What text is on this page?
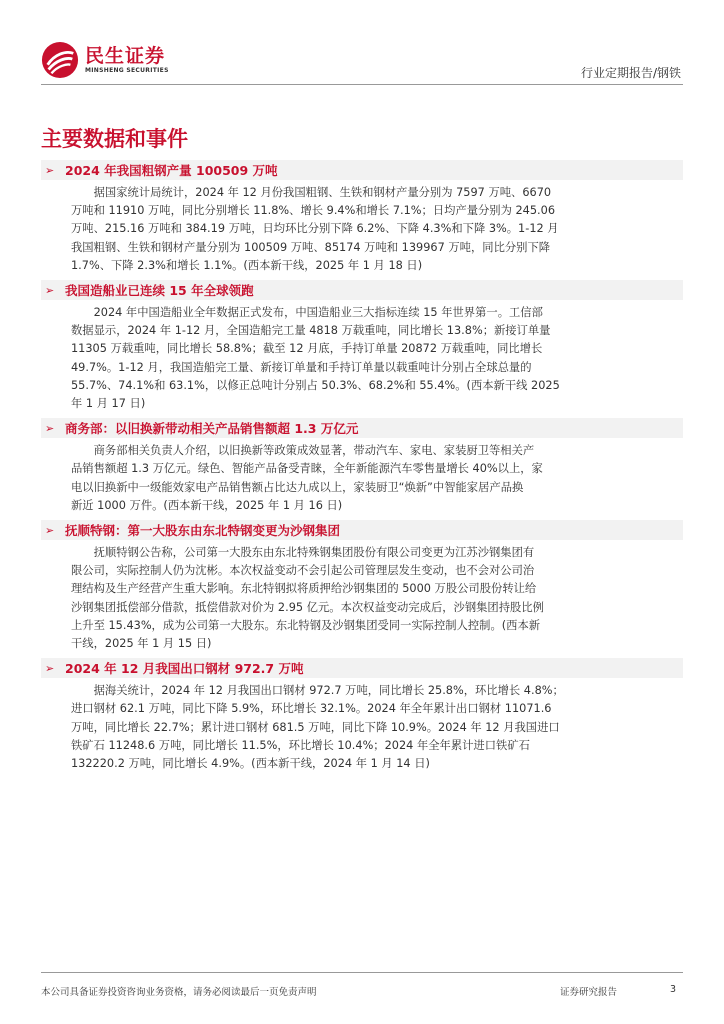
民生证券
MINSHENG SECURITIES	行业定期报告/钢铁
主要数据和事件
➢ 2024 年我国粗钢产量 100509 万吨

据国家统计局统计，2024 年 12 月份我国粗钢、生铁和钢材产量分别为 7597 万吨、6670
万吨和 11910 万吨，同比分别增长 11.8%、增长 9.4%和增长 7.1%；日均产量分别为 245.06
万吨、215.16 万吨和 384.19 万吨，日均环比分别下降 6.2%、下降 4.3%和下降 3%。1-12 月
我国粗钢、生铁和钢材产量分别为 100509 万吨、85174 万吨和 139967 万吨，同比分别下降
1.7%、下降 2.3%和增长 1.1%。(西本新干线，2025 年 1 月 18 日)

➢ 我国造船业已连续 15 年全球领跑

2024 年中国造船业全年数据正式发布，中国造船业三大指标连续 15 年世界第一。工信部
数据显示，2024 年 1-12 月，全国造船完工量 4818 万载重吨，同比增长 13.8%；新接订单量
11305 万载重吨，同比增长 58.8%；截至 12 月底，手持订单量 20872 万载重吨，同比增长
49.7%。1-12 月，我国造船完工量、新接订单量和手持订单量以载重吨计分别占全球总量的
55.7%、74.1%和 63.1%，以修正总吨计分别占 50.3%、68.2%和 55.4%。(西本新干线 2025
年 1 月 17 日)

➢ 商务部：以旧换新带动相关产品销售额超 1.3 万亿元

商务部相关负责人介绍，以旧换新等政策成效显著，带动汽车、家电、家装厨卫等相关产
品销售额超 1.3 万亿元。绿色、智能产品备受青睐，全年新能源汽车零售量增长 40%以上，家
电以旧换新中一级能效家电产品销售额占比达九成以上，家装厨卫“焕新”中智能家居产品换
新近 1000 万件。(西本新干线，2025 年 1 月 16 日)

➢ 抚顺特钢：第一大股东由东北特钢变更为沙钢集团

抚顺特钢公告称，公司第一大股东由东北特殊钢集团股份有限公司变更为江苏沙钢集团有
限公司，实际控制人仍为沈彬。本次权益变动不会引起公司管理层发生变动，也不会对公司治
理结构及生产经营产生重大影响。东北特钢拟将质押给沙钢集团的 5000 万股公司股份转让给
沙钢集团抵偿部分借款，抵偿借款对价为 2.95 亿元。本次权益变动完成后，沙钢集团持股比例
上升至 15.43%，成为公司第一大股东。东北特钢及沙钢集团受同一实际控制人控制。(西本新
干线，2025 年 1 月 15 日)

➢ 2024 年 12 月我国出口钢材 972.7 万吨

据海关统计，2024 年 12 月我国出口钢材 972.7 万吨，同比增长 25.8%，环比增长 4.8%；
进口钢材 62.1 万吨，同比下降 5.9%，环比增长 32.1%。2024 年全年累计出口钢材 11071.6
万吨，同比增长 22.7%；累计进口钢材 681.5 万吨，同比下降 10.9%。2024 年 12 月我国进口
铁矿石 11248.6 万吨，同比增长 11.5%，环比增长 10.4%；2024 年全年累计进口铁矿石
132220.2 万吨，同比增长 4.9%。(西本新干线，2024 年 1 月 14 日)

本公司具备证券投资咨询业务资格，请务必阅读最后一页免责声明	证券研究报告	3
